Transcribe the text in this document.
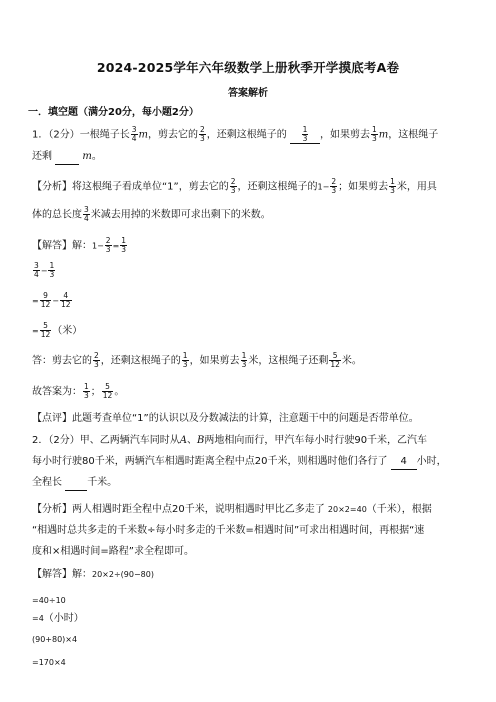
2024-2025学年六年级数学上册秋季开学摸底考A卷
答案解析
一．填空题（满分20分，每小题2分）
1．（2分）一根绳子长 $\frac{3}{4}$ m，剪去它的 $\frac{2}{3}$ ，还剩这根绳子的 $\frac{1}{3}$ ，如果剪去 $\frac{1}{3}$ m，这根绳子
还剩	m。
【分析】将这根绳子看成单位“1”，剪去它的 $\frac{2}{3}$ ，还剩这根绳子的$1- \frac{2}{3}$ ；如果剪去 $\frac{1}{3}$ 米，用具
体的总长度 $\frac{3}{4}$ 米减去用掉的米数即可求出剩下的米数。
【解答】解：$1- \frac{2}{3} = \frac{1}{3}$
$\frac{3}{4} - \frac{1}{3}$
= $\frac{9}{12} - \frac{4}{12}$
= $\frac{5}{12}$ （米）
答：剪去它的 $\frac{2}{3}$ ，还剩这根绳子的 $\frac{1}{3}$ ，如果剪去 $\frac{1}{3}$ 米，这根绳子还剩 $\frac{5}{12}$ 米。
故答案为： $\frac{1}{3}$ ； $\frac{5}{12}$ 。
【点评】此题考查单位“1”的认识以及分数减法的计算，注意题干中的问题是否带单位。
2．（2分）甲、乙两辆汽车同时从A、B两地相向而行，甲汽车每小时行驶90千米，乙汽车
每小时行驶80千米，两辆汽车相遇时距离全程中点20千米，则相遇时他们各行了 4 小时，
全程长	千米。
【分析】两人相遇时距全程中点20千米，说明相遇时甲比乙多走了 20×2=40（千米），根据
“相遇时总共多走的千米数÷每小时多走的千米数=相遇时间”可求出相遇时间，再根据“速
度和×相遇时间=路程”求全程即可。
【解答】解：20×2÷(90−80)
=40÷10
=4（小时）
(90+80)×4
=170×4
